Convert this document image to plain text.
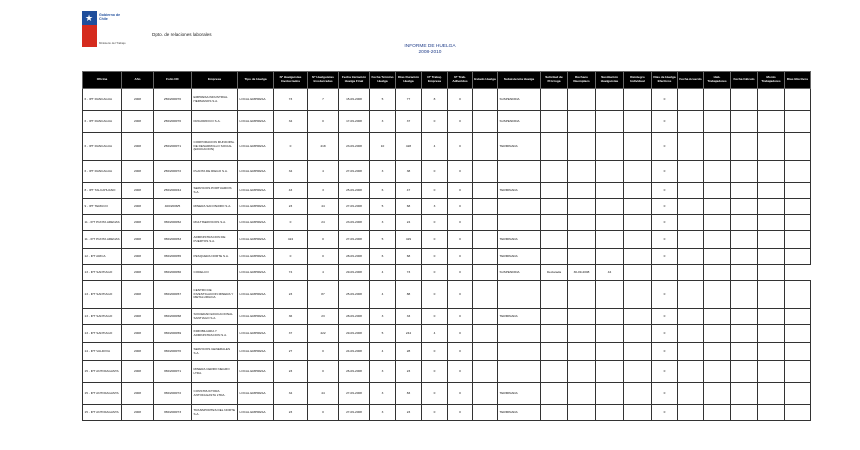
★ Gobierno de Chile
Ministerio del Trabajo
Dpto. de relaciones laborales
INFORME DE HUELGA
2008-2010
Oficina	Año	Folio NC	Empresa	Tipo de Huelga	Nº Huelguistas Involucrados	Nº Huelguistas Involucradas	Fecha Iniciación Huelga Final	Fecha Término Huelga	Días Duración Huelga	Nº Trabaj. Empresa	Nº Trab. Adheridos	Estado Huelga	Subsistencia Huelga	Solicitud de Prórroga	Rechazo Reemplazo	Sustitución Huelguistas	Reintegro Individual	Días de Huelga Efectivos	Fecha Acuerdo	Hab. Trabajadores	Fecha Cálculo	Monto Trabajadores	Días Efectivos
6 - IPT RANCAGUA	2008	256/2008/70	EMPRESA INDUSTRIAL HERMANOS S.A.	LOCAL EMPRESA	73	7	15-09-2008	5	77	8	0		SUSPENDIDA					0					
6 - IPT RANCAGUA	2008	256/2008/70	FRIGORIFICO S.A.	LOCAL EMPRESA	34	0	17-09-2008	3	37	0	0		SUSPENDIDA					0					
6 - IPT RANCAGUA	2008	256/2008/71	CORPORACION MUNICIPAL DE DESARROLLO SOCIAL (EDUCACION)	LOCAL EMPRESA	0	418	23-09-2008	10	428	4	0		TERMINADA					0					
6 - IPT RANCAGUA	2008	256/2008/72	PLANTA DE RIEGO S.A.	LOCAL EMPRESA	34	4	27-09-2008	3	38	0	0							0					
8 - IPT TALCAHUANO	2008	256/2008/44	SERVICIOS PORTUARIOS S.A.	LOCAL EMPRESA	43	3	25-09-2008	6	47	0	0		TERMINADA					0					
9 - IPT TEMUCO	2008	400/2008/5	MINERA SAN PEDRO S.A.	LOCAL EMPRESA	23	44	27-09-2008	5	68	3	0							0					
11 - IPT PUNTA ARENAS	2008	356/2008/62	MULTISERVICIOS S.A.	LOCAL EMPRESA	0	24	23-09-2008	3	24	0	0							0					
11 - IPT PUNTA ARENAS	2008	356/2008/63	ADMINISTRACION DE PUERTOS S.A.	LOCAL EMPRESA	424	0	27-09-2008	5	429	0	0		TERMINADA					0					
12 - IPT ARICA	2008	356/2008/65	PESQUERA NORTE S.A.	LOCAL EMPRESA	0	0	28-09-2008	6	68	0	0		TERMINADA					0					
13 - IPT SANTIAGO	2008	356/2008/66	CODELCO	LOCAL EMPRESA	74	4	29-09-2008	4	73	0	0		SUSPENDIDA	Declarada	30-09-2008	44							
13 - IPT SANTIAGO	2008	356/2008/67	CENTRO DE INVESTIGACION MINERA Y METALURGICA	LOCAL EMPRESA	23	87	25-09-2008	4	88	0	0							0					
13 - IPT SANTIAGO	2008	356/2008/68	SOCIEDAD EDUCACIONAL SANTIAGO S.A.	LOCAL EMPRESA	36	23	28-09-2008	3	33	0	0		TERMINADA					0					
13 - IPT SANTIAGO	2008	356/2008/69	INMOBILIARIA Y ADMINISTRACION S.A.	LOCAL EMPRESA	37	422	29-09-2008	5	244	4	0							0					
14 - IPT VALDIVIA	2008	356/2008/70	SERVICIOS GENERALES S.A.	LOCAL EMPRESA	27	0	24-09-2008	4	28	0	0							0					
15 - IPT ANTOFAGASTA	2008	356/2008/71	MINERA CERRO NEGRO LTDA.	LOCAL EMPRESA	23	0	26-09-2008	3	23	0	0							0					
15 - IPT ANTOFAGASTA	2008	356/2008/72	CONSTRUCTORA ANTOFAGASTA LTDA.	LOCAL EMPRESA	34	44	27-09-2008	3	83	0	0		TERMINADA					0					
15 - IPT ANTOFAGASTA	2008	356/2008/73	TRANSPORTES DEL NORTE S.A.	LOCAL EMPRESA	23	0	27-09-2008	3	23	0	0		TERMINADA					0					
